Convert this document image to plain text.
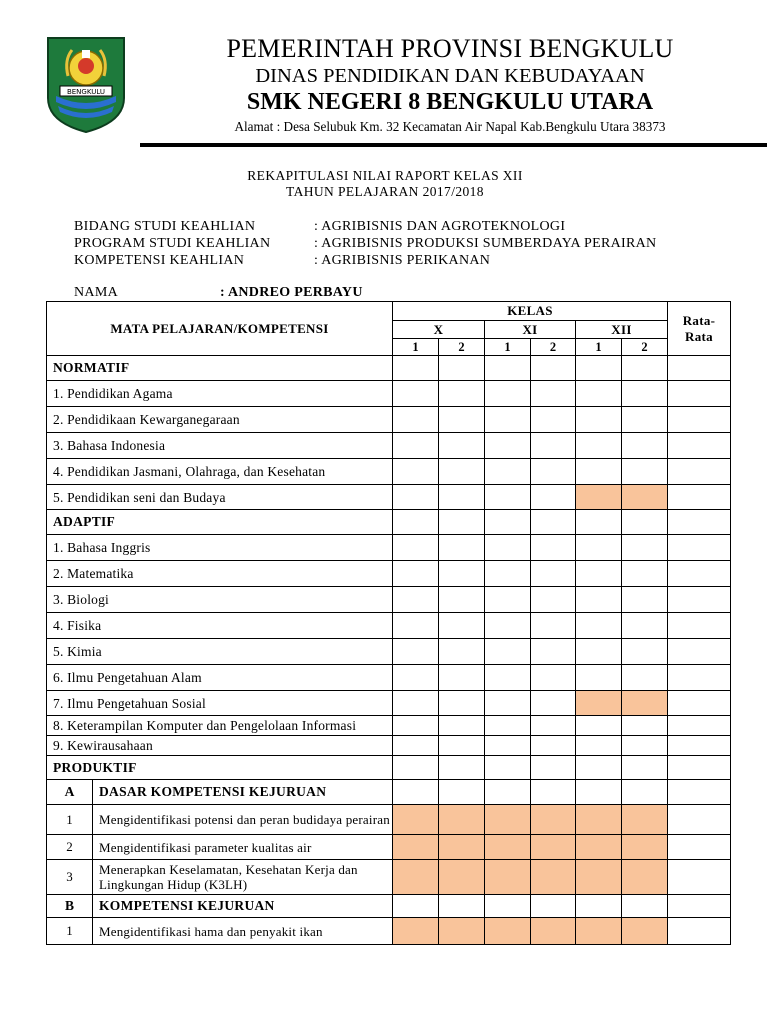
BENGKULU
PEMERINTAH PROVINSI BENGKULU
DINAS PENDIDIKAN DAN KEBUDAYAAN
SMK NEGERI 8 BENGKULU UTARA
Alamat : Desa Selubuk Km. 32 Kecamatan Air Napal Kab.Bengkulu Utara 38373
REKAPITULASI NILAI RAPORT KELAS XII
TAHUN PELAJARAN 2017/2018
BIDANG STUDI KEAHLIAN	: AGRIBISNIS DAN AGROTEKNOLOGI
PROGRAM STUDI KEAHLIAN	: AGRIBISNIS PRODUKSI SUMBERDAYA PERAIRAN
KOMPETENSI KEAHLIAN	: AGRIBISNIS PERIKANAN
NAMA	: ANDREO PERBAYU
MATA PELAJARAN/KOMPETENSI		KELAS						Rata-
Rata
		X		XI		XII		
		1	2	1	2	1	2	
NORMATIF								
1. Pendidikan Agama								
2. Pendidikaan Kewarganegaraan								
3. Bahasa Indonesia								
4. Pendidikan Jasmani, Olahraga, dan Kesehatan								
5. Pendidikan seni dan Budaya								
ADAPTIF								
1. Bahasa Inggris								
2. Matematika								
3. Biologi								
4. Fisika								
5. Kimia								
6. Ilmu Pengetahuan Alam								
7. Ilmu Pengetahuan Sosial								
8. Keterampilan Komputer dan Pengelolaan Informasi								
9. Kewirausahaan								
PRODUKTIF								
A	DASAR KOMPETENSI KEJURUAN							
1	Mengidentifikasi potensi dan peran budidaya perairan							
2	Mengidentifikasi parameter kualitas air							
3	Menerapkan Keselamatan, Kesehatan Kerja dan Lingkungan Hidup (K3LH)							
B	KOMPETENSI KEJURUAN							
1	Mengidentifikasi hama dan penyakit ikan							
